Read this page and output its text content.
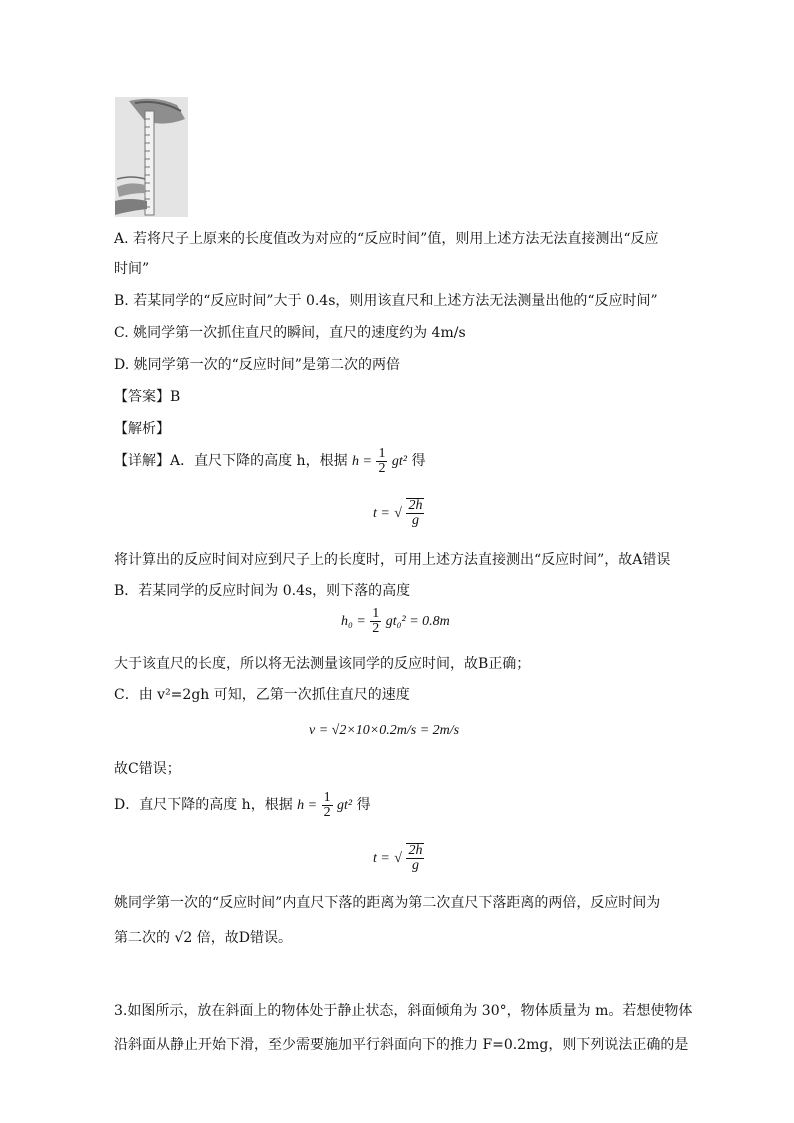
A. 若将尺子上原来的长度值改为对应的“反应时间”值，则用上述方法无法直接测出“反应
时间”
B. 若某同学的“反应时间”大于 0.4s，则用该直尺和上述方法无法测量出他的“反应时间”
C. 姚同学第一次抓住直尺的瞬间，直尺的速度约为 4m/s
D. 姚同学第一次的“反应时间”是第二次的两倍
【答案】B
【解析】
【详解】A．直尺下降的高度 h，根据 $h = \frac{1}{2} gt^2$ 得
t = √ $\frac{2h}{g}$
将计算出的反应时间对应到尺子上的长度时，可用上述方法直接测出“反应时间”，故A错误
B．若某同学的反应时间为 0.4s，则下落的高度
$h_0 = \frac{1}{2} gt_0^2 = 0.8m$
大于该直尺的长度，所以将无法测量该同学的反应时间，故B正确；
C．由 v²=2gh 可知，乙第一次抓住直尺的速度
v = √2×10×0.2m/s = 2m/s
故C错误；
D．直尺下降的高度 h，根据 $h = \frac{1}{2} gt^2$ 得
t = √ $\frac{2h}{g}$
姚同学第一次的“反应时间”内直尺下落的距离为第二次直尺下落距离的两倍，反应时间为
第二次的 √2 倍，故D错误。
3.如图所示，放在斜面上的物体处于静止状态，斜面倾角为 30°，物体质量为 m。若想使物体
沿斜面从静止开始下滑，至少需要施加平行斜面向下的推力 F=0.2mg，则下列说法正确的是
